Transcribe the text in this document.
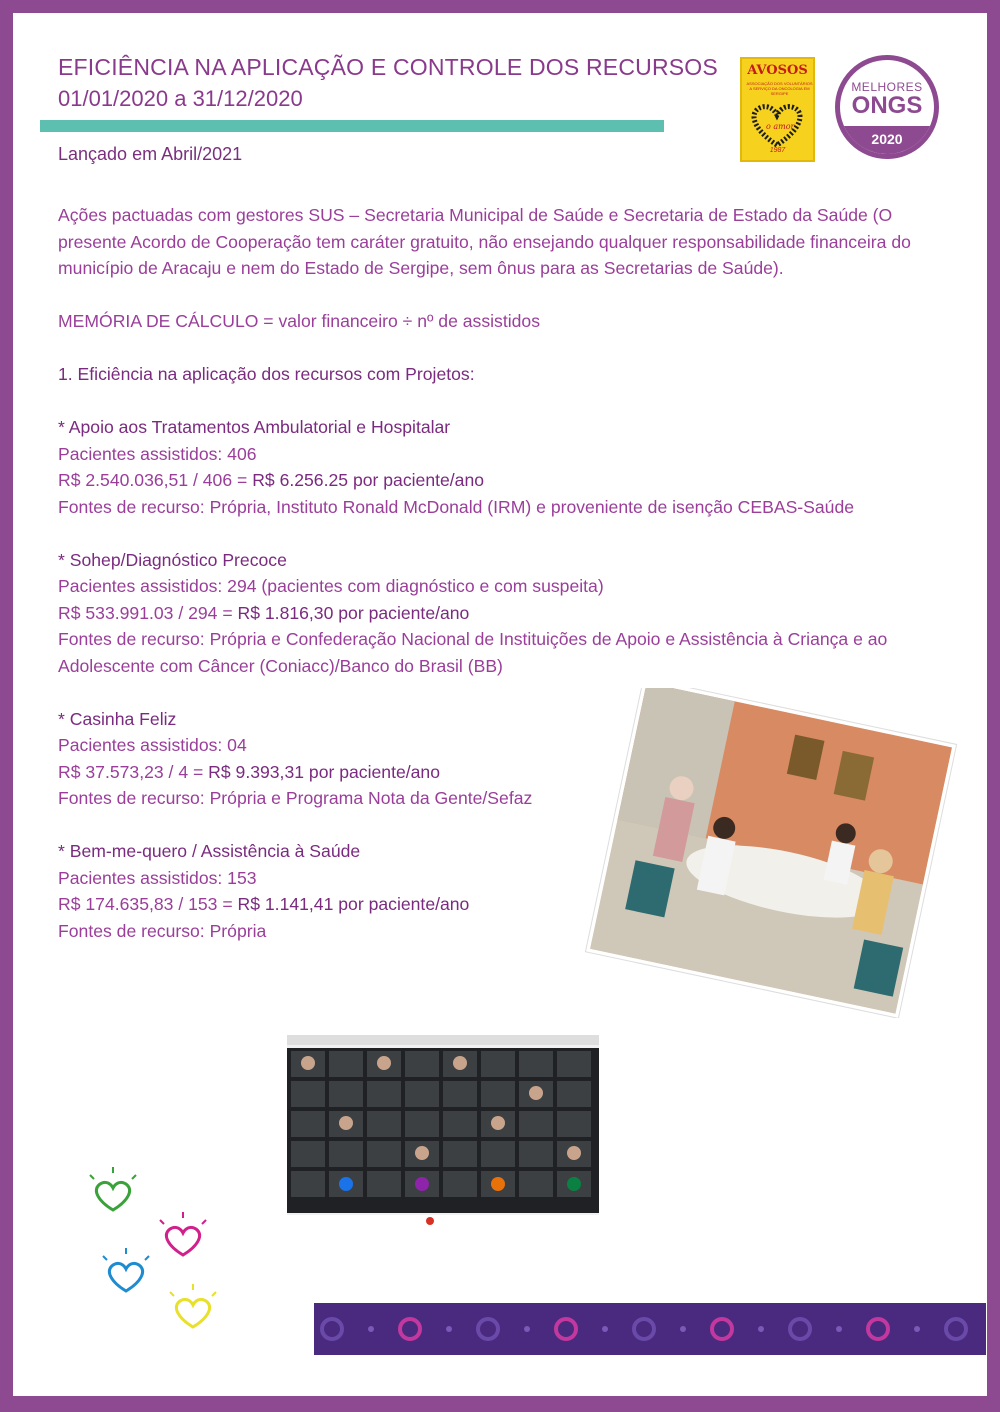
EFICIÊNCIA NA APLICAÇÃO E CONTROLE DOS RECURSOS
01/01/2020 a 31/12/2020
Lançado em Abril/2021
AVOSOS
ASSOCIAÇÃO DOS VOLUNTÁRIOS A SERVIÇO DA ONCOLOGIA EM SERGIPE
o amor
1987
MELHORES
ONGS
2020

Ações pactuadas com gestores SUS – Secretaria Municipal de Saúde e Secretaria de Estado da Saúde (O presente Acordo de Cooperação tem caráter gratuito, não ensejando qualquer responsabilidade financeira do município de Aracaju e nem do Estado de Sergipe, sem ônus para as Secretarias de Saúde).

MEMÓRIA DE CÁLCULO = valor financeiro ÷ nº de assistidos

1. Eficiência na aplicação dos recursos com Projetos:

* Apoio aos Tratamentos Ambulatorial e Hospitalar

Pacientes assistidos: 406

R$ 2.540.036,51 / 406 = R$ 6.256.25 por paciente/ano

Fontes de recurso: Própria, Instituto Ronald McDonald (IRM) e proveniente de isenção CEBAS-Saúde

* Sohep/Diagnóstico Precoce

Pacientes assistidos: 294 (pacientes com diagnóstico e com suspeita)

R$ 533.991.03 / 294 = R$ 1.816,30 por paciente/ano

Fontes de recurso: Própria e Confederação Nacional de Instituições de Apoio e Assistência à Criança e ao Adolescente com Câncer (Coniacc)/Banco do Brasil (BB)

* Casinha Feliz

Pacientes assistidos: 04

R$ 37.573,23 / 4 = R$ 9.393,31 por paciente/ano

Fontes de recurso: Própria e Programa Nota da Gente/Sefaz

* Bem-me-quero / Assistência à Saúde

Pacientes assistidos: 153

R$ 174.635,83 / 153 = R$ 1.141,41 por paciente/ano

Fontes de recurso: Própria
